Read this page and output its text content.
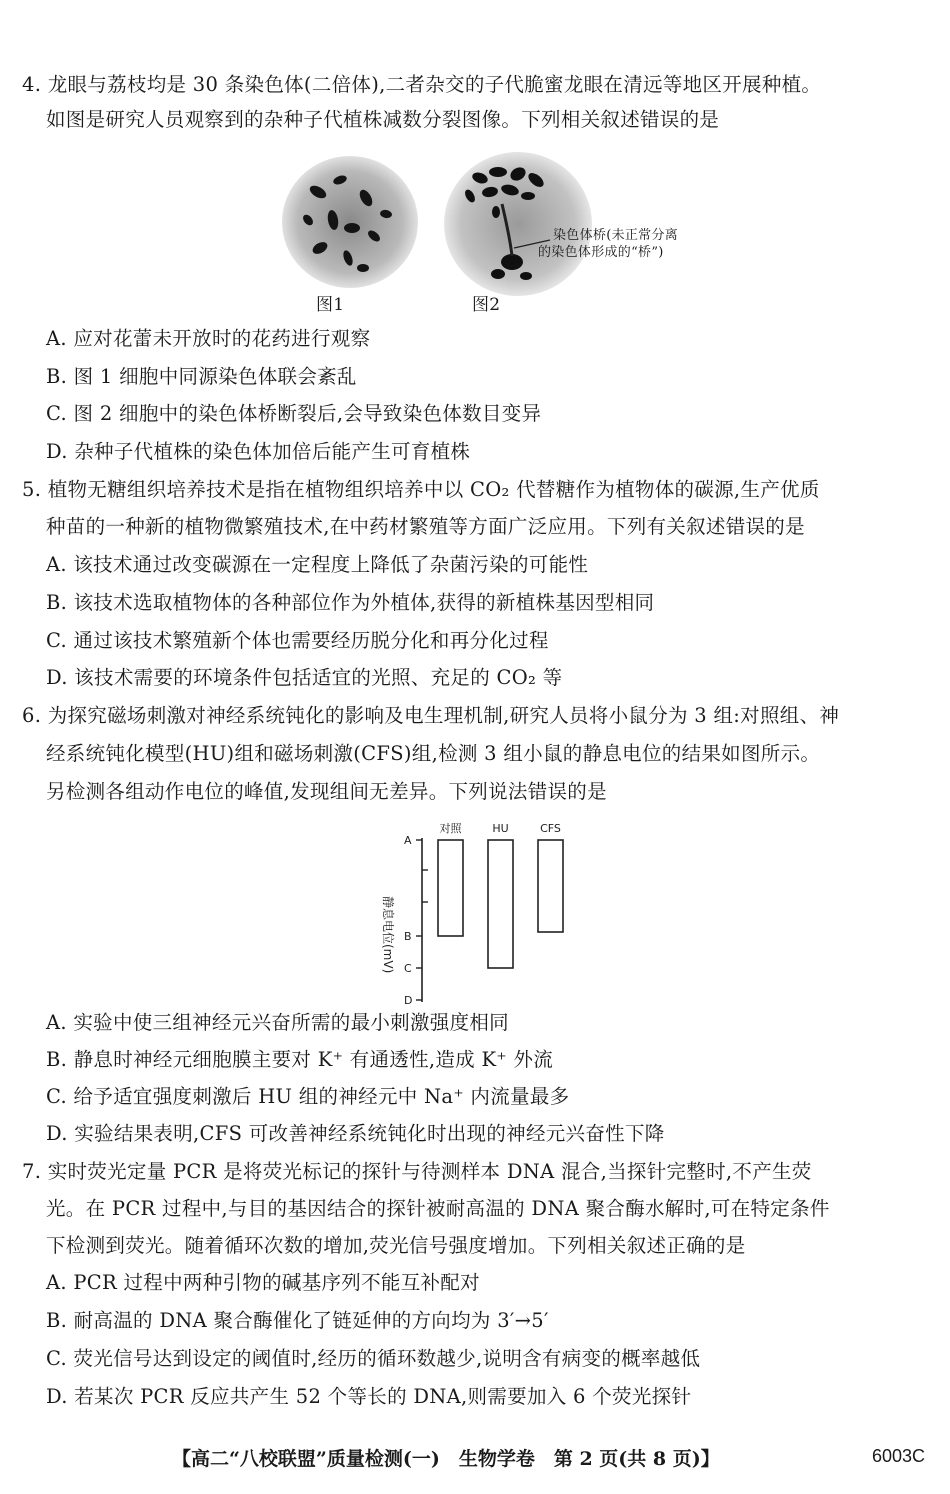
4. 龙眼与荔枝均是 30 条染色体(二倍体),二者杂交的子代脆蜜龙眼在清远等地区开展种植。
如图是研究人员观察到的杂种子代植株减数分裂图像。下列相关叙述错误的是
图1
染色体桥(未正常分离
的染色体形成的“桥”)
图2
A. 应对花蕾未开放时的花药进行观察
B. 图 1 细胞中同源染色体联会紊乱
C. 图 2 细胞中的染色体桥断裂后,会导致染色体数目变异
D. 杂种子代植株的染色体加倍后能产生可育植株
5. 植物无糖组织培养技术是指在植物组织培养中以 CO₂ 代替糖作为植物体的碳源,生产优质
种苗的一种新的植物微繁殖技术,在中药材繁殖等方面广泛应用。下列有关叙述错误的是
A. 该技术通过改变碳源在一定程度上降低了杂菌污染的可能性
B. 该技术选取植物体的各种部位作为外植体,获得的新植株基因型相同
C. 通过该技术繁殖新个体也需要经历脱分化和再分化过程
D. 该技术需要的环境条件包括适宜的光照、充足的 CO₂ 等
6. 为探究磁场刺激对神经系统钝化的影响及电生理机制,研究人员将小鼠分为 3 组:对照组、神
经系统钝化模型(HU)组和磁场刺激(CFS)组,检测 3 组小鼠的静息电位的结果如图所示。
另检测各组动作电位的峰值,发现组间无差异。下列说法错误的是
静息电位(mV)
A
B
C
D
对照	HU	CFS
A. 实验中使三组神经元兴奋所需的最小刺激强度相同
B. 静息时神经元细胞膜主要对 K⁺ 有通透性,造成 K⁺ 外流
C. 给予适宜强度刺激后 HU 组的神经元中 Na⁺ 内流量最多
D. 实验结果表明,CFS 可改善神经系统钝化时出现的神经元兴奋性下降
7. 实时荧光定量 PCR 是将荧光标记的探针与待测样本 DNA 混合,当探针完整时,不产生荧
光。在 PCR 过程中,与目的基因结合的探针被耐高温的 DNA 聚合酶水解时,可在特定条件
下检测到荧光。随着循环次数的增加,荧光信号强度增加。下列相关叙述正确的是
A. PCR 过程中两种引物的碱基序列不能互补配对
B. 耐高温的 DNA 聚合酶催化了链延伸的方向均为 3′→5′
C. 荧光信号达到设定的阈值时,经历的循环数越少,说明含有病变的概率越低
D. 若某次 PCR 反应共产生 52 个等长的 DNA,则需要加入 6 个荧光探针
【高二“八校联盟”质量检测(一)　生物学卷　第 2 页(共 8 页)】	6003C
